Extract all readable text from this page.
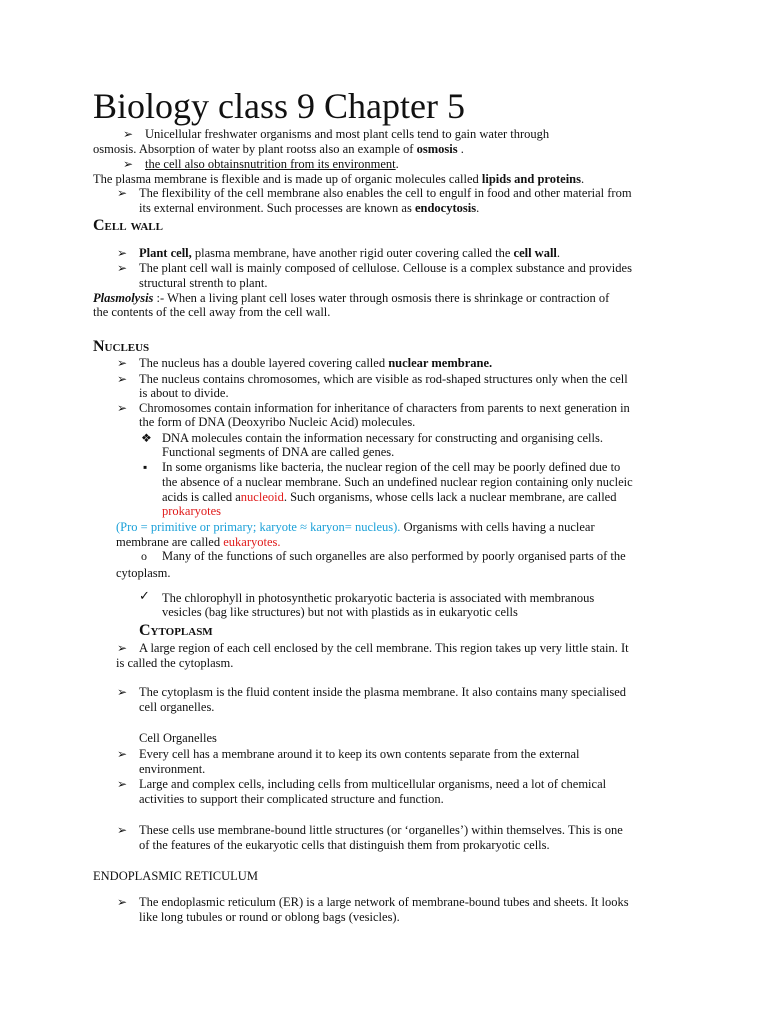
Biology class 9 Chapter 5
➢ Unicellular freshwater organisms and most plant cells tend to gain water through
osmosis. Absorption of water by plant rootss also an example of osmosis .
➢ the cell also obtainsnutrition from its environment.
The plasma membrane is flexible and is made up of organic molecules called lipids and proteins.
➢ The flexibility of the cell membrane also enables the cell to engulf in food and other material from
its external environment. Such processes are known as endocytosis.
Cell wall
➢ Plant cell, plasma membrane, have another rigid outer covering called the cell wall.
➢ The plant cell wall is mainly composed of cellulose. Cellouse is a complex substance and provides
structural strenth to plant.
Plasmolysis :- When a living plant cell loses water through osmosis there is shrinkage or contraction of
the contents of the cell away from the cell wall.
Nucleus
➢ The nucleus has a double layered covering called nuclear membrane.
➢ The nucleus contains chromosomes, which are visible as rod-shaped structures only when the cell
is about to divide.
➢ Chromosomes contain information for inheritance of characters from parents to next generation in
the form of DNA (Deoxyribo Nucleic Acid) molecules.
❖ DNA molecules contain the information necessary for constructing and organising cells.
Functional segments of DNA are called genes.
▪ In some organisms like bacteria, the nuclear region of the cell may be poorly defined due to
the absence of a nuclear membrane. Such an undefined nuclear region containing only nucleic
acids is called anucleoid. Such organisms, whose cells lack a nuclear membrane, are called
prokaryotes
(Pro = primitive or primary; karyote ≈ karyon= nucleus). Organisms with cells having a nuclear
membrane are called eukaryotes.
o Many of the functions of such organelles are also performed by poorly organised parts of the
cytoplasm.
✓ The chlorophyll in photosynthetic prokaryotic bacteria is associated with membranous
vesicles (bag like structures) but not with plastids as in eukaryotic cells
Cytoplasm
➢ A large region of each cell enclosed by the cell membrane. This region takes up very little stain. It
is called the cytoplasm.
➢ The cytoplasm is the fluid content inside the plasma membrane. It also contains many specialised
cell organelles.
Cell Organelles
➢ Every cell has a membrane around it to keep its own contents separate from the external
environment.
➢ Large and complex cells, including cells from multicellular organisms, need a lot of chemical
activities to support their complicated structure and function.
➢ These cells use membrane-bound little structures (or ‘organelles’) within themselves. This is one
of the features of the eukaryotic cells that distinguish them from prokaryotic cells.
ENDOPLASMIC RETICULUM
➢ The endoplasmic reticulum (ER) is a large network of membrane-bound tubes and sheets. It looks
like long tubules or round or oblong bags (vesicles).
